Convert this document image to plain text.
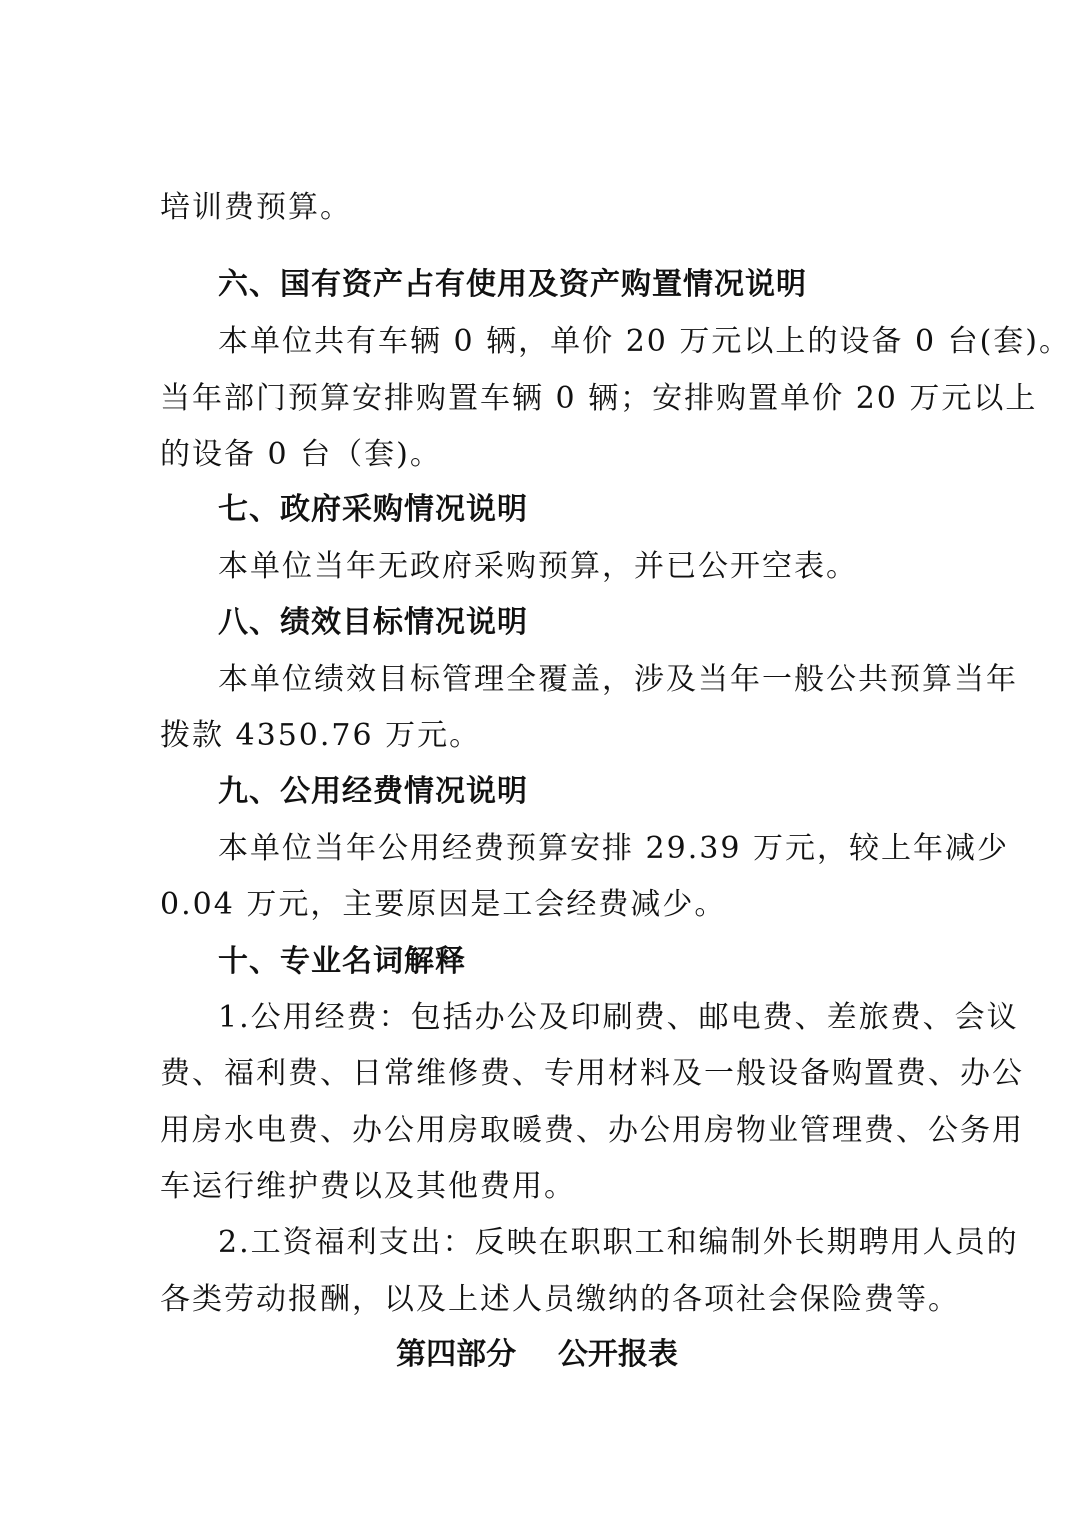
培训费预算。
六、国有资产占有使用及资产购置情况说明
本单位共有车辆 0 辆，单价 20 万元以上的设备 0 台(套)。
当年部门预算安排购置车辆 0 辆；安排购置单价 20 万元以上
的设备 0 台（套)。
七、政府采购情况说明
本单位当年无政府采购预算，并已公开空表。
八、绩效目标情况说明
本单位绩效目标管理全覆盖，涉及当年一般公共预算当年
拨款 4350.76 万元。
九、公用经费情况说明
本单位当年公用经费预算安排 29.39 万元，较上年减少
0.04 万元，主要原因是工会经费减少。
十、专业名词解释
1.公用经费：包括办公及印刷费、邮电费、差旅费、会议
费、福利费、日常维修费、专用材料及一般设备购置费、办公
用房水电费、办公用房取暖费、办公用房物业管理费、公务用
车运行维护费以及其他费用。
2.工资福利支出：反映在职职工和编制外长期聘用人员的
各类劳动报酬，以及上述人员缴纳的各项社会保险费等。
第四部分    公开报表
